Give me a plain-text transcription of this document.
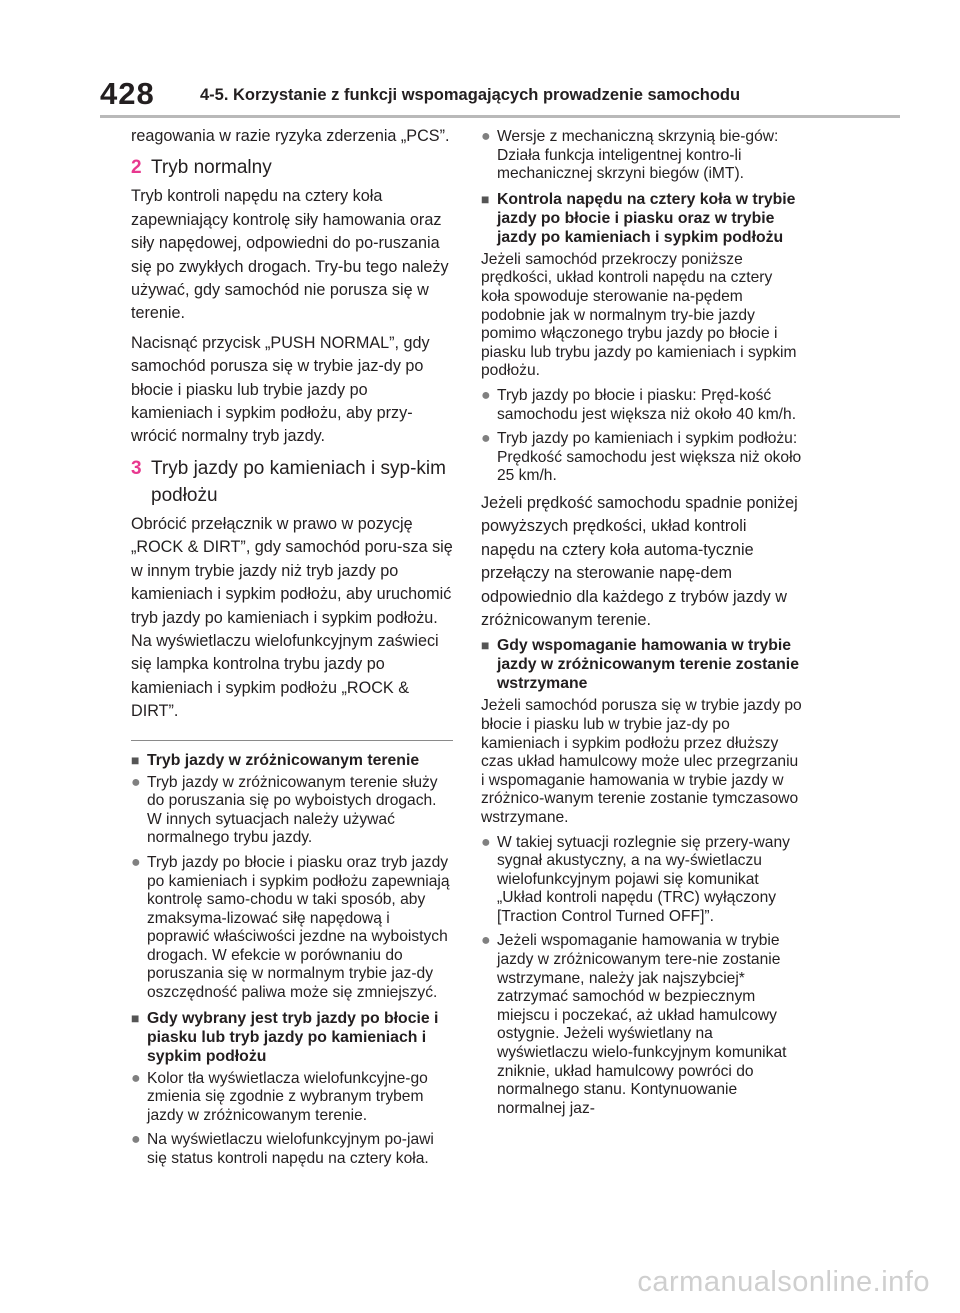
428	4-5. Korzystanie z funkcji wspomagających prowadzenie samochodu

reagowania w razie ryzyka zderzenia „PCS”.

2 Tryb normalny

Tryb kontroli napędu na cztery koła zapewniający kontrolę siły hamowania oraz siły napędowej, odpowiedni do po-ruszania się po zwykłych drogach. Try-bu tego należy używać, gdy samochód nie porusza się w terenie.

Nacisnąć przycisk „PUSH NORMAL”, gdy samochód porusza się w trybie jaz-dy po błocie i piasku lub trybie jazdy po kamieniach i sypkim podłożu, aby przy-wrócić normalny tryb jazdy.

3 Tryb jazdy po kamieniach i syp-kim podłożu

Obrócić przełącznik w prawo w pozycję „ROCK & DIRT”, gdy samochód poru-sza się w innym trybie jazdy niż tryb jazdy po kamieniach i sypkim podłożu, aby uruchomić tryb jazdy po kamieniach i sypkim podłożu. Na wyświetlaczu wielofunkcyjnym zaświeci się lampka kontrolna trybu jazdy po kamieniach i sypkim podłożu „ROCK & DIRT”.

■ Tryb jazdy w zróżnicowanym terenie
● Tryb jazdy w zróżnicowanym terenie służy do poruszania się po wyboistych drogach. W innych sytuacjach należy używać normalnego trybu jazdy.
● Tryb jazdy po błocie i piasku oraz tryb jazdy po kamieniach i sypkim podłożu zapewniają kontrolę samo-chodu w taki sposób, aby zmaksyma-lizować siłę napędową i poprawić właściwości jezdne na wyboistych drogach. W efekcie w porównaniu do poruszania się w normalnym trybie jaz-dy oszczędność paliwa może się zmniejszyć.
■ Gdy wybrany jest tryb jazdy po błocie i piasku lub tryb jazdy po kamieniach i sypkim podłożu
● Kolor tła wyświetlacza wielofunkcyjne-go zmienia się zgodnie z wybranym trybem jazdy w zróżnicowanym terenie.
● Na wyświetlaczu wielofunkcyjnym po-jawi się status kontroli napędu na cztery koła.
● Wersje z mechaniczną skrzynią bie-gów: Działa funkcja inteligentnej kontro-li mechanicznej skrzyni biegów (iMT).
■ Kontrola napędu na cztery koła w trybie jazdy po błocie i piasku oraz w trybie jazdy po kamieniach i sypkim podłożu

Jeżeli samochód przekroczy poniższe prędkości, układ kontroli napędu na cztery koła spowoduje sterowanie na-pędem podobnie jak w normalnym try-bie jazdy pomimo włączonego trybu jazdy po błocie i piasku lub trybu jazdy po kamieniach i sypkim podłożu.

● Tryb jazdy po błocie i piasku: Pręd-kość samochodu jest większa niż około 40 km/h.
● Tryb jazdy po kamieniach i sypkim podłożu: Prędkość samochodu jest większa niż około 25 km/h.

Jeżeli prędkość samochodu spadnie poniżej powyższych prędkości, układ kontroli napędu na cztery koła automa-tycznie przełączy na sterowanie napę-dem odpowiednio dla każdego z trybów jazdy w zróżnicowanym terenie.

■ Gdy wspomaganie hamowania w trybie jazdy w zróżnicowanym terenie zostanie wstrzymane

Jeżeli samochód porusza się w trybie jazdy po błocie i piasku lub w trybie jaz-dy po kamieniach i sypkim podłożu przez dłuższy czas układ hamulcowy może ulec przegrzaniu i wspomaganie hamowania w trybie jazdy w zróżnico-wanym terenie zostanie tymczasowo wstrzymane.

● W takiej sytuacji rozlegnie się przery-wany sygnał akustyczny, a na wy-świetlaczu wielofunkcyjnym pojawi się komunikat „Układ kontroli napędu (TRC) wyłączony [Traction Control Turned OFF]”.
● Jeżeli wspomaganie hamowania w trybie jazdy w zróżnicowanym tere-nie zostanie wstrzymane, należy jak najszybciej* zatrzymać samochód w bezpiecznym miejscu i poczekać, aż układ hamulcowy ostygnie. Jeżeli wyświetlany na wyświetlaczu wielo-funkcyjnym komunikat zniknie, układ hamulcowy powróci do normalnego stanu. Kontynuowanie normalnej jaz-
carmanualsonline.info
